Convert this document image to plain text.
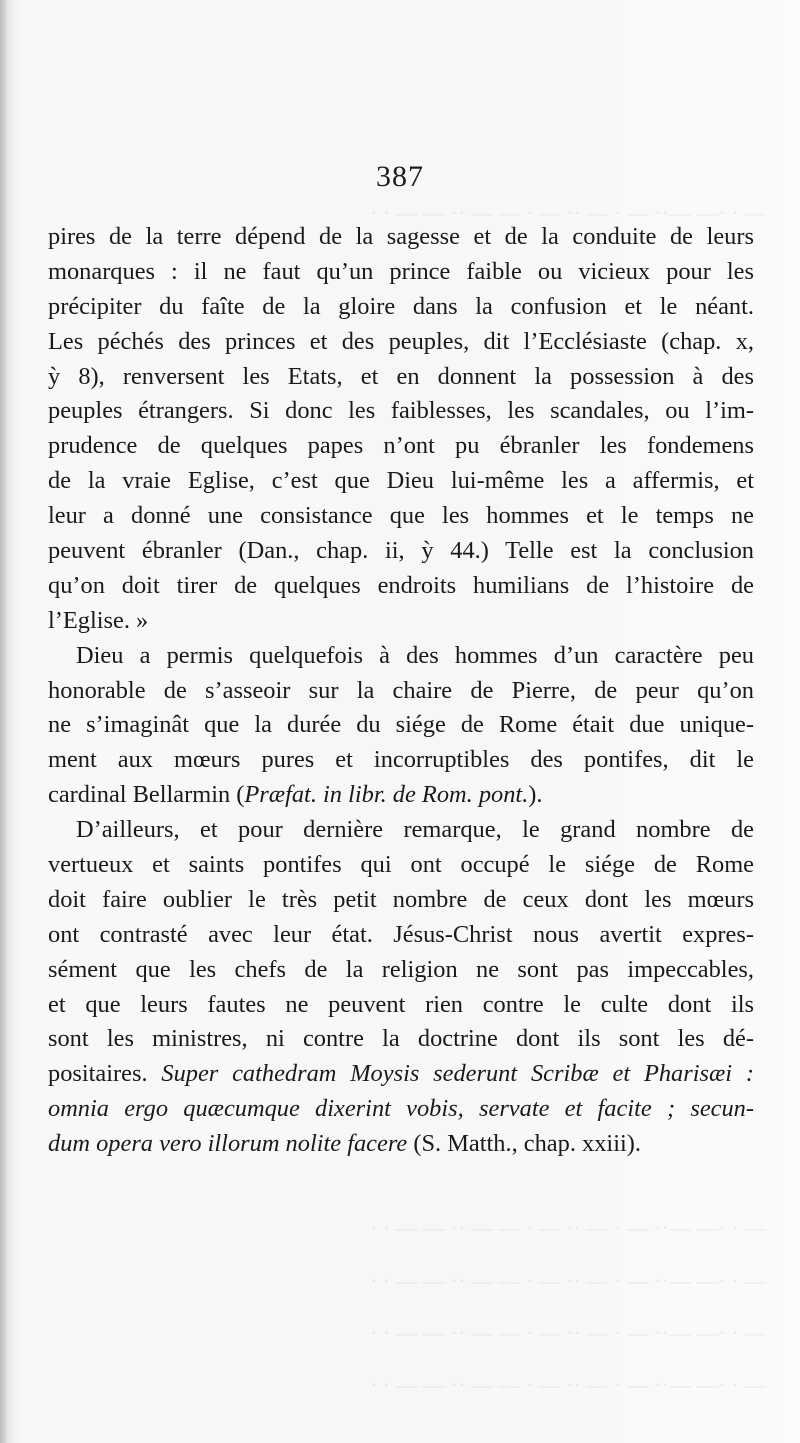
— · ·— —·· — · — ·· — · — — ·· — — · ·
— · ·— —·· — · — ·· — · — — ·· — — · ·
— · ·— —·· — · — ·· — · — — ·· — — · ·
— · ·— —·· — · — ·· — · — — ·· — — · ·
— · ·— —·· — · — ·· — · — — ·· — — · ·
387
pires de la terre dépend de la sagesse et de la conduite de leurs
monarques : il ne faut qu’un prince faible ou vicieux pour les
précipiter du faîte de la gloire dans la confusion et le néant.
Les péchés des princes et des peuples, dit l’Ecclésiaste (chap. x,
ỳ 8), renversent les Etats, et en donnent la possession à des
peuples étrangers. Si donc les faiblesses, les scandales, ou l’im-
prudence de quelques papes n’ont pu ébranler les fondemens
de la vraie Eglise, c’est que Dieu lui-même les a affermis, et
leur a donné une consistance que les hommes et le temps ne
peuvent ébranler (Dan., chap. ii, ỳ 44.) Telle est la conclusion
qu’on doit tirer de quelques endroits humilians de l’histoire de
l’Eglise. »
Dieu a permis quelquefois à des hommes d’un caractère peu
honorable de s’asseoir sur la chaire de Pierre, de peur qu’on
ne s’imaginât que la durée du siége de Rome était due unique-
ment aux mœurs pures et incorruptibles des pontifes, dit le
cardinal Bellarmin (Præfat. in libr. de Rom. pont.).
D’ailleurs, et pour dernière remarque, le grand nombre de
vertueux et saints pontifes qui ont occupé le siége de Rome
doit faire oublier le très petit nombre de ceux dont les mœurs
ont contrasté avec leur état. Jésus-Christ nous avertit expres-
sément que les chefs de la religion ne sont pas impeccables,
et que leurs fautes ne peuvent rien contre le culte dont ils
sont les ministres, ni contre la doctrine dont ils sont les dé-
positaires. Super cathedram Moysis sederunt Scribæ et Pharisæi :
omnia ergo quæcumque dixerint vobis, servate et facite ; secun-
dum opera vero illorum nolite facere (S. Matth., chap. xxiii).
